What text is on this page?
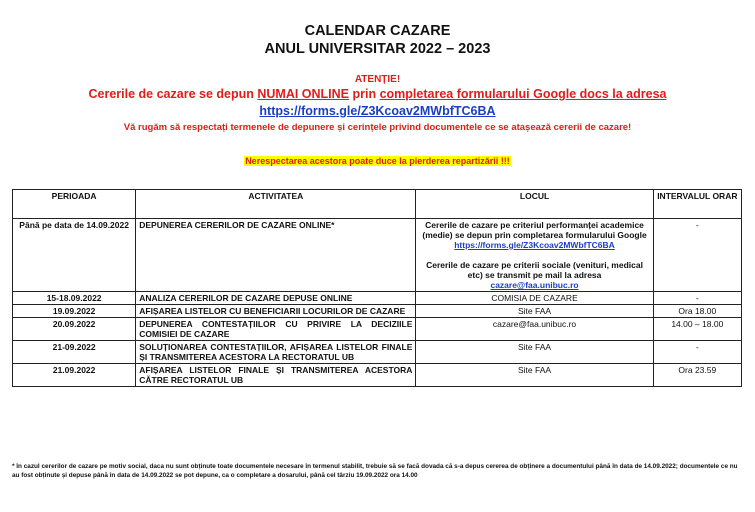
CALENDAR CAZARE
ANUL UNIVERSITAR 2022 – 2023
ATENȚIE!
Cererile de cazare se depun NUMAI ONLINE prin completarea formularului Google docs la adresa
https://forms.gle/Z3Kcoav2MWbfTC6BA
Vă rugăm să respectați termenele de depunere și cerințele privind documentele ce se atașează cererii de cazare!
Nerespectarea acestora poate duce la pierderea repartizării !!!
PERIOADA	ACTIVITATEA	LOCUL	INTERVALUL ORAR
Până pe data de 14.09.2022	DEPUNEREA CERERILOR DE CAZARE ONLINE*	Cererile de cazare pe criteriul performanței academice (medie) se depun prin completarea formularului Google
https://forms.gle/Z3Kcoav2MWbfTC6BA
Cererile de cazare pe criterii sociale (venituri, medical etc) se transmit pe mail la adresa
cazare@faa.unibuc.ro	-
15-18.09.2022	ANALIZA CERERILOR DE CAZARE DEPUSE ONLINE	COMISIA DE CAZARE	-
19.09.2022	AFIȘAREA LISTELOR CU BENEFICIARII LOCURILOR DE CAZARE	Site FAA	Ora 18.00
20.09.2022	DEPUNEREA CONTESTAȚIILOR CU PRIVIRE LA DECIZIILE COMISIEI DE CAZARE	cazare@faa.unibuc.ro	14.00 – 18.00
21-09.2022	SOLUȚIONAREA CONTESTAȚIILOR, AFIȘAREA LISTELOR FINALE ȘI TRANSMITEREA ACESTORA LA RECTORATUL UB	Site FAA	-
21.09.2022	AFIȘAREA LISTELOR FINALE ȘI TRANSMITEREA ACESTORA CĂTRE RECTORATUL UB	Site FAA	Ora 23.59
* în cazul cererilor de cazare pe motiv social, daca nu sunt obținute toate documentele necesare în termenul stabilit, trebuie să se facă dovada că s-a depus cererea de obținere a documentului până în data de 14.09.2022; documentele ce nu au fost obținute și depuse până în data de 14.09.2022 se pot depune, ca o completare a dosarului, până cel târziu 19.09.2022 ora 14.00
